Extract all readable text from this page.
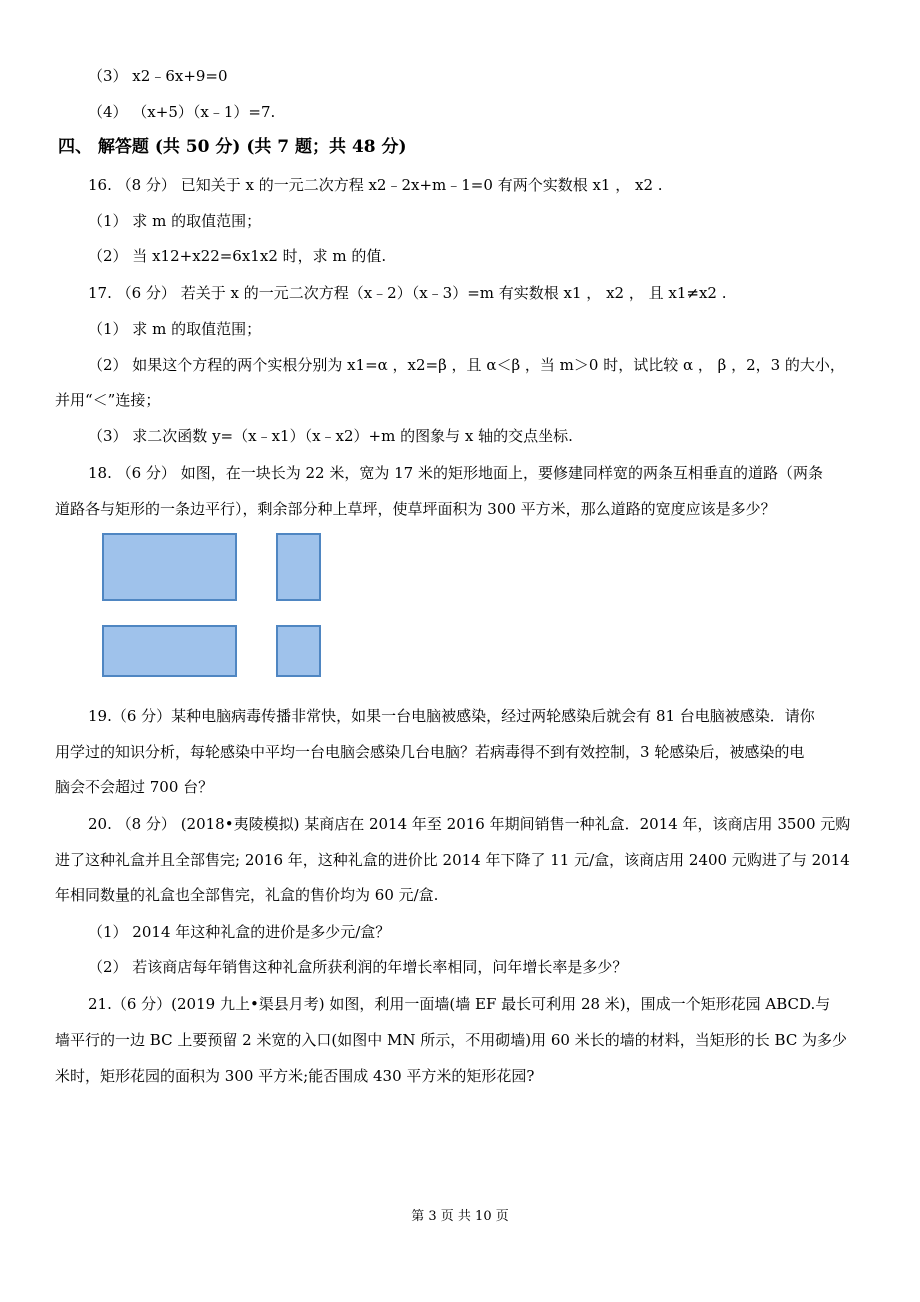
（3） x2﹣6x+9=0
（4） （x+5）（x﹣1）=7.
四、 解答题 (共 50 分) (共 7 题；共 48 分)
16. （8 分） 已知关于 x 的一元二次方程 x2﹣2x+m﹣1=0 有两个实数根 x1 ， x2 .
（1） 求 m 的取值范围；
（2） 当 x12+x22=6x1x2 时，求 m 的值.
17. （6 分） 若关于 x 的一元二次方程（x﹣2）（x﹣3）=m 有实数根 x1 ， x2 ， 且 x1≠x2 .
（1） 求 m 的取值范围；
（2） 如果这个方程的两个实根分别为 x1=α ，x2=β ，且 α＜β ，当 m＞0 时，试比较 α ， β ，2，3 的大小，
并用“＜”连接；
（3） 求二次函数 y=（x﹣x1）（x﹣x2）+m 的图象与 x 轴的交点坐标.
18. （6 分） 如图，在一块长为 22 米，宽为 17 米的矩形地面上，要修建同样宽的两条互相垂直的道路（两条
道路各与矩形的一条边平行），剩余部分种上草坪，使草坪面积为 300 平方米，那么道路的宽度应该是多少？
19.（6 分）某种电脑病毒传播非常快，如果一台电脑被感染，经过两轮感染后就会有 81 台电脑被感染．请你
用学过的知识分析，每轮感染中平均一台电脑会感染几台电脑？若病毒得不到有效控制，3 轮感染后，被感染的电
脑会不会超过 700 台？
20. （8 分） (2018•夷陵模拟) 某商店在 2014 年至 2016 年期间销售一种礼盒．2014 年，该商店用 3500 元购
进了这种礼盒并且全部售完; 2016 年，这种礼盒的进价比 2014 年下降了 11 元/盒，该商店用 2400 元购进了与 2014
年相同数量的礼盒也全部售完，礼盒的售价均为 60 元/盒.
（1） 2014 年这种礼盒的进价是多少元/盒？
（2） 若该商店每年销售这种礼盒所获利润的年增长率相同，问年增长率是多少？
21.（6 分）(2019 九上•渠县月考) 如图，利用一面墙(墙 EF 最长可利用 28 米)，围成一个矩形花园 ABCD.与
墙平行的一边 BC 上要预留 2 米宽的入口(如图中 MN 所示，不用砌墙)用 60 米长的墙的材料，当矩形的长 BC 为多少
米时，矩形花园的面积为 300 平方米;能否围成 430 平方米的矩形花园?
第 3 页 共 10 页
